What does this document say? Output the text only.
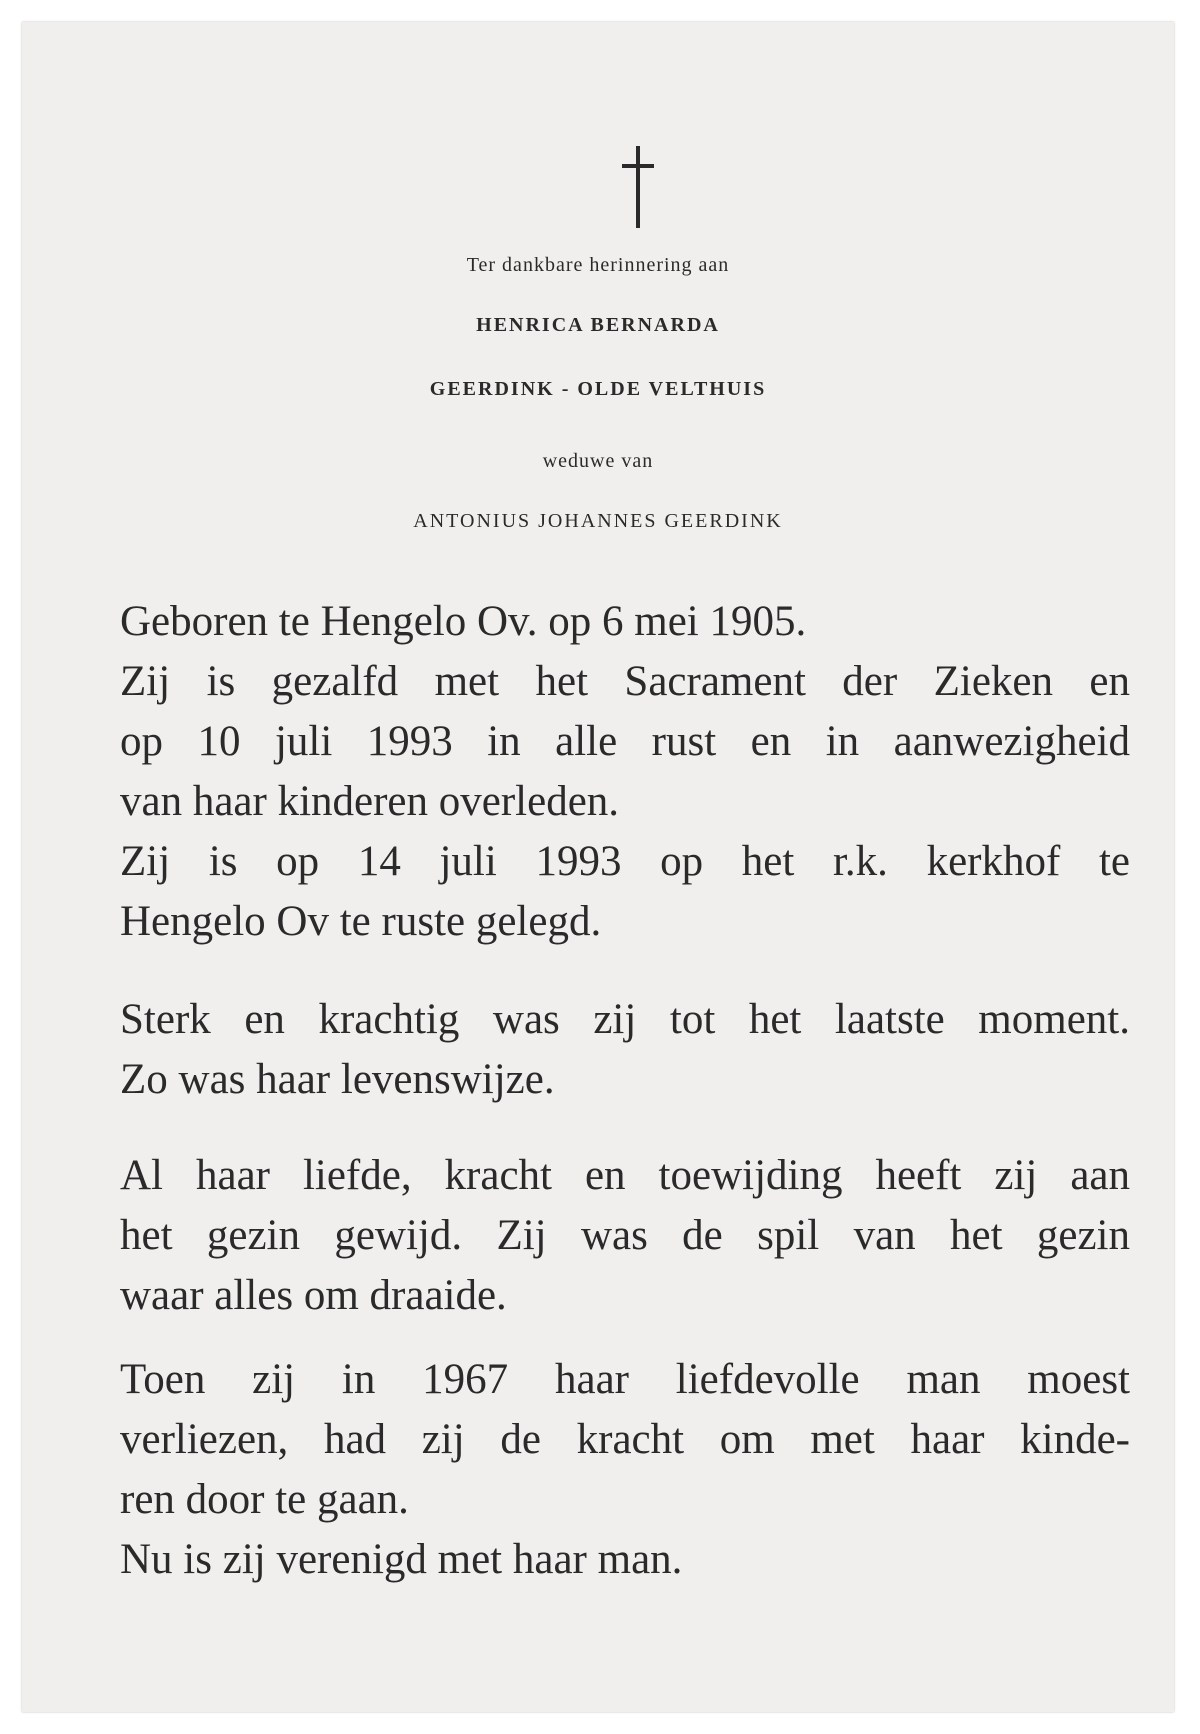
Ter dankbare herinnering aan
HENRICA BERNARDA
GEERDINK - OLDE VELTHUIS
weduwe van
ANTONIUS JOHANNES GEERDINK
Geboren te Hengelo Ov. op 6 mei 1905.
Zij is gezalfd met het Sacrament der Zieken en
op 10 juli 1993 in alle rust en in aanwezigheid
van haar kinderen overleden.
Zij is op 14 juli 1993 op het r.k. kerkhof te
Hengelo Ov te ruste gelegd.
Sterk en krachtig was zij tot het laatste moment.
Zo was haar levenswijze.
Al haar liefde, kracht en toewijding heeft zij aan
het gezin gewijd. Zij was de spil van het gezin
waar alles om draaide.
Toen zij in 1967 haar liefdevolle man moest
verliezen, had zij de kracht om met haar kinde-
ren door te gaan.
Nu is zij verenigd met haar man.
